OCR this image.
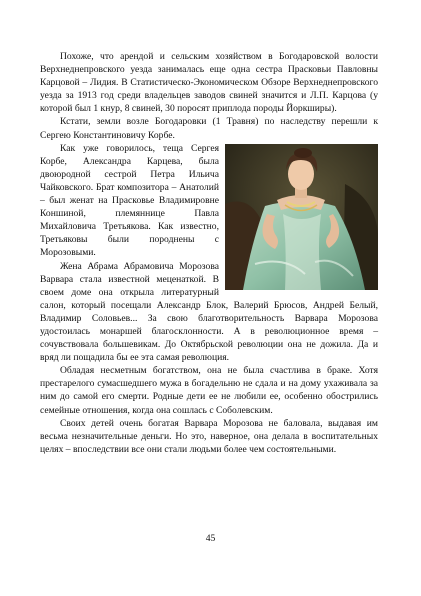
Похоже, что арендой и сельским хозяйством в Богодаровской волости Верхнеднепровского уезда занималась еще одна сестра Прасковьи Павловны Карцовой – Лидия. В Статистическо-Экономическом Обзоре Верхнеднепровского уезда за 1913 год среди владельцев заводов свиней значится и Л.П. Карцова (у которой был 1 кнур, 8 свиней, 30 поросят приплода породы Йоркширы).

Кстати, земли возле Богодаровки (1 Травня) по наследству перешли к Сергею Константиновичу Корбе.

Как уже говорилось, теща Сергея Корбе, Александра Карцева, была двоюродной сестрой Петра Ильича Чайковского. Брат композитора – Анатолий – был женат на Прасковье Владимировне Коншиной, племяннице Павла Михайловича Третьякова. Как известно, Третьяковы были породнены с Морозовыми.

Жена Абрама Абрамовича Морозова Варвара стала известной меценаткой. В своем доме она открыла литературный салон, который посещали Александр Блок, Валерий Брюсов, Андрей Белый, Владимир Соловьев... За свою благотворительность Варвара Морозова удостоилась монаршей благосклонности. А в революционное время – сочувствовала большевикам. До Октябрьской революции она не дожила. Да и вряд ли пощадила бы ее эта самая революция.

Обладая несметным богатством, она не была счастлива в браке. Хотя престарелого сумасшедшего мужа в богадельню не сдала и на дому ухаживала за ним до самой его смерти. Родные дети ее не любили ее, особенно обострились семейные отношения, когда она сошлась с Соболевским.

Своих детей очень богатая Варвара Морозова не баловала, выдавая им весьма незначительные деньги. Но это, наверное, она делала в воспитательных целях – впоследствии все они стали людьми более чем состоятельными.

45
